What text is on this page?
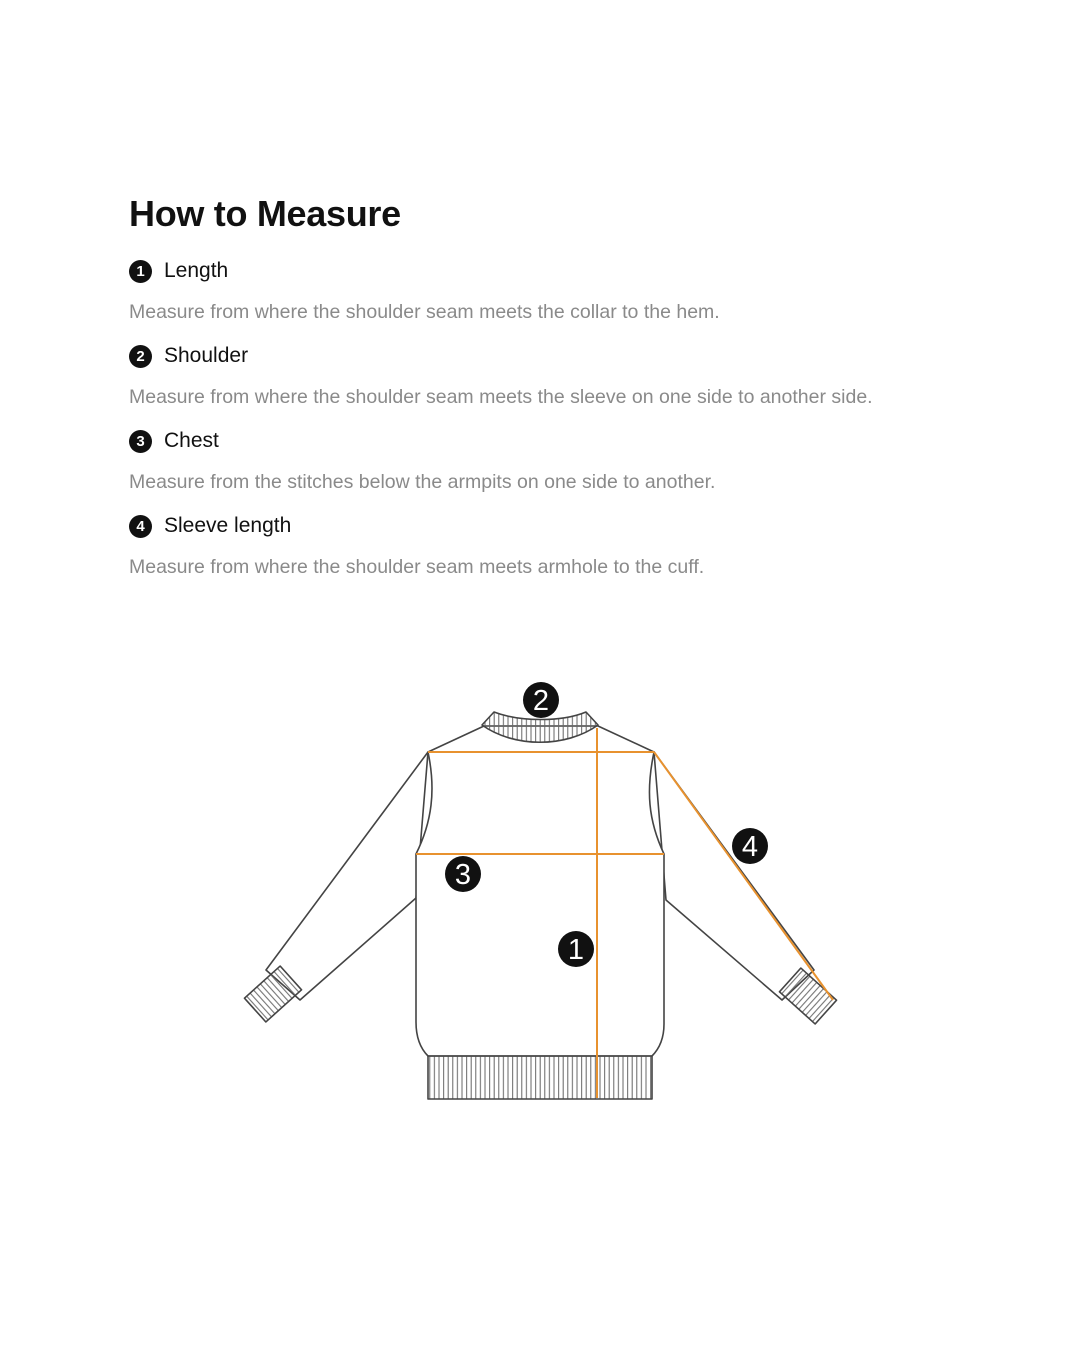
How to Measure
1 Length

Measure from where the shoulder seam meets the collar to the hem.

2 Shoulder

Measure from where the shoulder seam meets the sleeve on one side to another side.

3 Chest

Measure from the stitches below the armpits on one side to another.

4 Sleeve length

Measure from where the shoulder seam meets armhole to the cuff.

1
2
3
4
